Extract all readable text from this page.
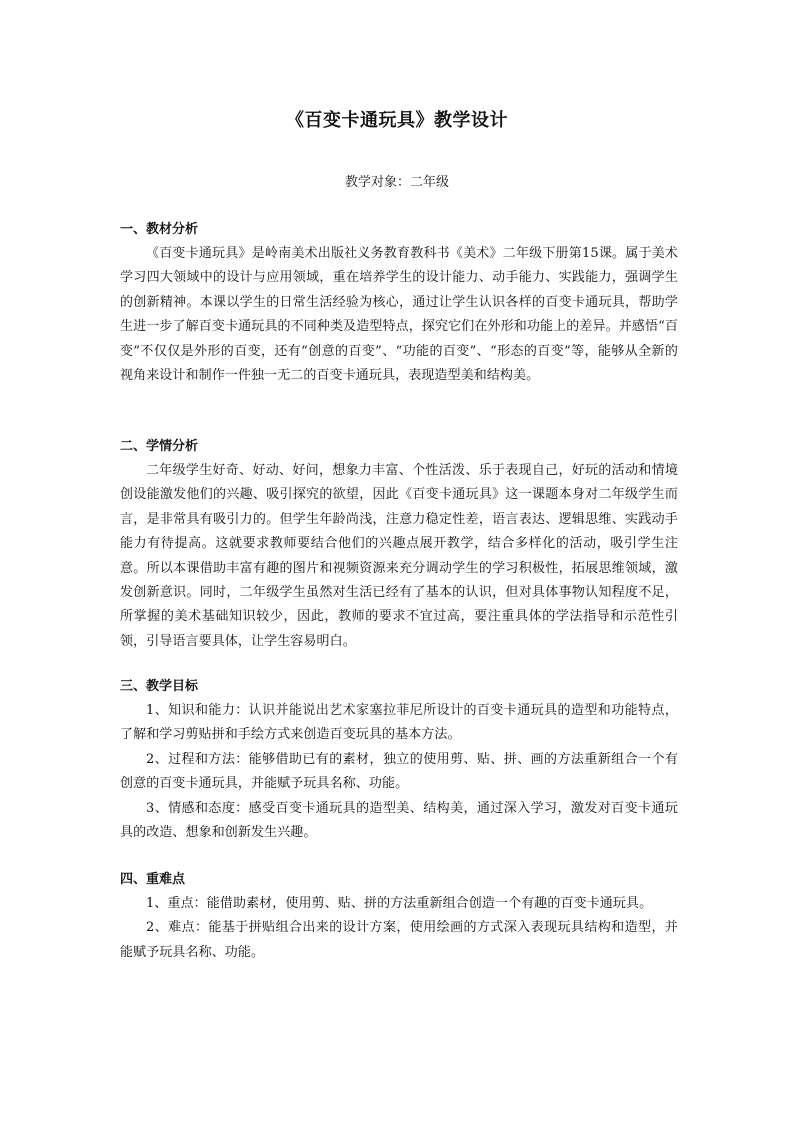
《百变卡通玩具》教学设计
教学对象：二年级
一、教材分析

《百变卡通玩具》是岭南美术出版社义务教育教科书《美术》二年级下册第15课。属于美术学习四大领域中的设计与应用领域，重在培养学生的设计能力、动手能力、实践能力，强调学生的创新精神。本课以学生的日常生活经验为核心，通过让学生认识各样的百变卡通玩具，帮助学生进一步了解百变卡通玩具的不同种类及造型特点，探究它们在外形和功能上的差异。并感悟“百变”不仅仅是外形的百变，还有“创意的百变”、“功能的百变”、“形态的百变”等，能够从全新的视角来设计和制作一件独一无二的百变卡通玩具，表现造型美和结构美。

二、学情分析

二年级学生好奇、好动、好问，想象力丰富、个性活泼、乐于表现自己，好玩的活动和情境创设能激发他们的兴趣、吸引探究的欲望，因此《百变卡通玩具》这一课题本身对二年级学生而言，是非常具有吸引力的。但学生年龄尚浅，注意力稳定性差，语言表达、逻辑思维、实践动手能力有待提高。这就要求教师要结合他们的兴趣点展开教学，结合多样化的活动，吸引学生注意。所以本课借助丰富有趣的图片和视频资源来充分调动学生的学习积极性，拓展思维领域，激发创新意识。同时，二年级学生虽然对生活已经有了基本的认识，但对具体事物认知程度不足，所掌握的美术基础知识较少，因此，教师的要求不宜过高，要注重具体的学法指导和示范性引领，引导语言要具体，让学生容易明白。

三、教学目标

1、知识和能力：认识并能说出艺术家塞拉菲尼所设计的百变卡通玩具的造型和功能特点，了解和学习剪贴拼和手绘方式来创造百变玩具的基本方法。

2、过程和方法：能够借助已有的素材，独立的使用剪、贴、拼、画的方法重新组合一个有创意的百变卡通玩具，并能赋予玩具名称、功能。

3、情感和态度：感受百变卡通玩具的造型美、结构美，通过深入学习，激发对百变卡通玩具的改造、想象和创新发生兴趣。

四、重难点

1、重点：能借助素材，使用剪、贴、拼的方法重新组合创造一个有趣的百变卡通玩具。

2、难点：能基于拼贴组合出来的设计方案，使用绘画的方式深入表现玩具结构和造型，并能赋予玩具名称、功能。
